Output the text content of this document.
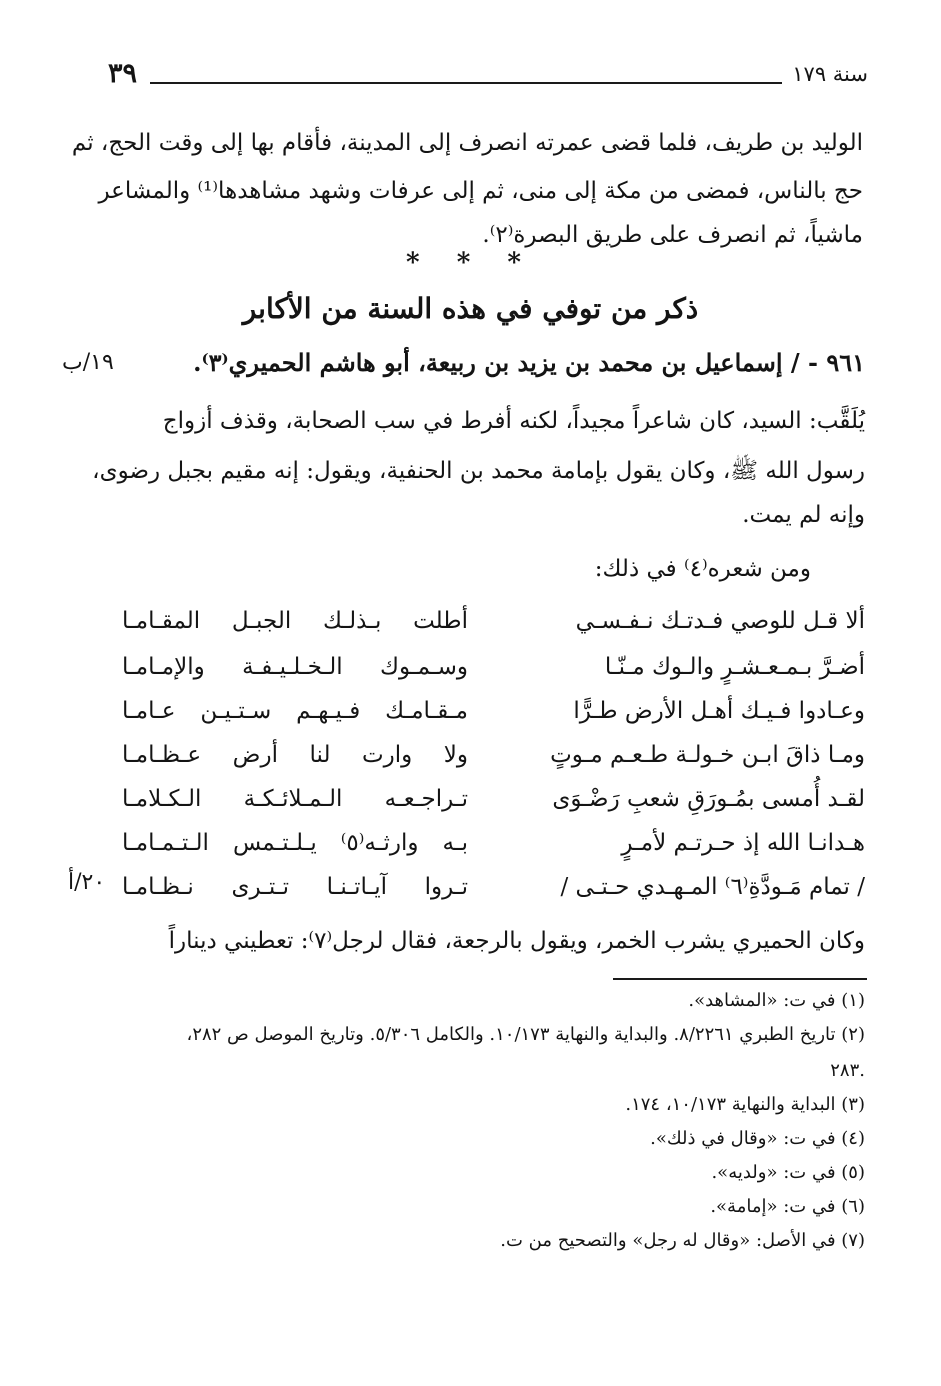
سنة ١٧٩
٣٩
الوليد بن طريف، فلما قضى عمرته انصرف إلى المدينة، فأقام بها إلى وقت الحج، ثم
حج بالناس، فمضى من مكة إلى منى، ثم إلى عرفات وشهد مشاهدها⁽¹⁾ والمشاعر
ماشياً، ثم انصرف على طريق البصرة⁽٢⁾.
* * *
ذكر من توفي في هذه السنة من الأكابر
٩٦١ - / إسماعيل بن محمد بن يزيد بن ربيعة، أبو هاشم الحميري⁽٣⁾.
١٩/ب
يُلَقَّب: السيد، كان شاعراً مجيداً، لكنه أفرط في سب الصحابة، وقذف أزواج
رسول الله ﷺ، وكان يقول بإمامة محمد بن الحنفية، ويقول: إنه مقيم بجبل رضوى،
وإنه لم يمت.
ومن شعره⁽٤⁾ في ذلك:
ألا قـل للوصي فـدتـك نـفـسـي
أطلت بـذلـك الجبـل المقـامـا
أضـرَّ بـمـعـشـرٍ والـوك مـنّـا
وسـمـوك الـخـلـيـفـة والإمـامـا
وعـادوا فـيـك أهـل الأرض طـرًّا
مـقـامـك فـيـهـم سـتـيـن عـامـا
ومـا ذاقَ ابـن خـولـة طـعـم مـوتٍ
ولا وارت لنا أرض عـظـامـا
لقـد أُمسى بمُـورَقِ شعبِ رَضْـوَى
تـراجـعـه الـمـلائـكـة الـكـلامـا
هـدانـا الله إذ حـرتـم لأمـرٍ
بـه وارثـه⁽٥⁾ يـلـتـمس الـتـمـامـا
/ تمام مَـودَّةِ⁽٦⁾ المـهـدي حـتـى /
تـروا آيـاتـنـا تـتـرى نـظـامـا
٢٠/أ
وكان الحميري يشرب الخمر، ويقول بالرجعة، فقال لرجل⁽٧⁾: تعطيني ديناراً
(١) في ت: «المشاهد».
(٢) تاريخ الطبري ٨/٢٢٦١. والبداية والنهاية ١٠/١٧٣. والكامل ٥/٣٠٦. وتاريخ الموصل ص ٢٨٢،
٢٨٣.
(٣) البداية والنهاية ١٠/١٧٣، ١٧٤.
(٤) في ت: «وقال في ذلك».
(٥) في ت: «ولديه».
(٦) في ت: «إمامة».
(٧) في الأصل: «وقال له رجل» والتصحيح من ت.
